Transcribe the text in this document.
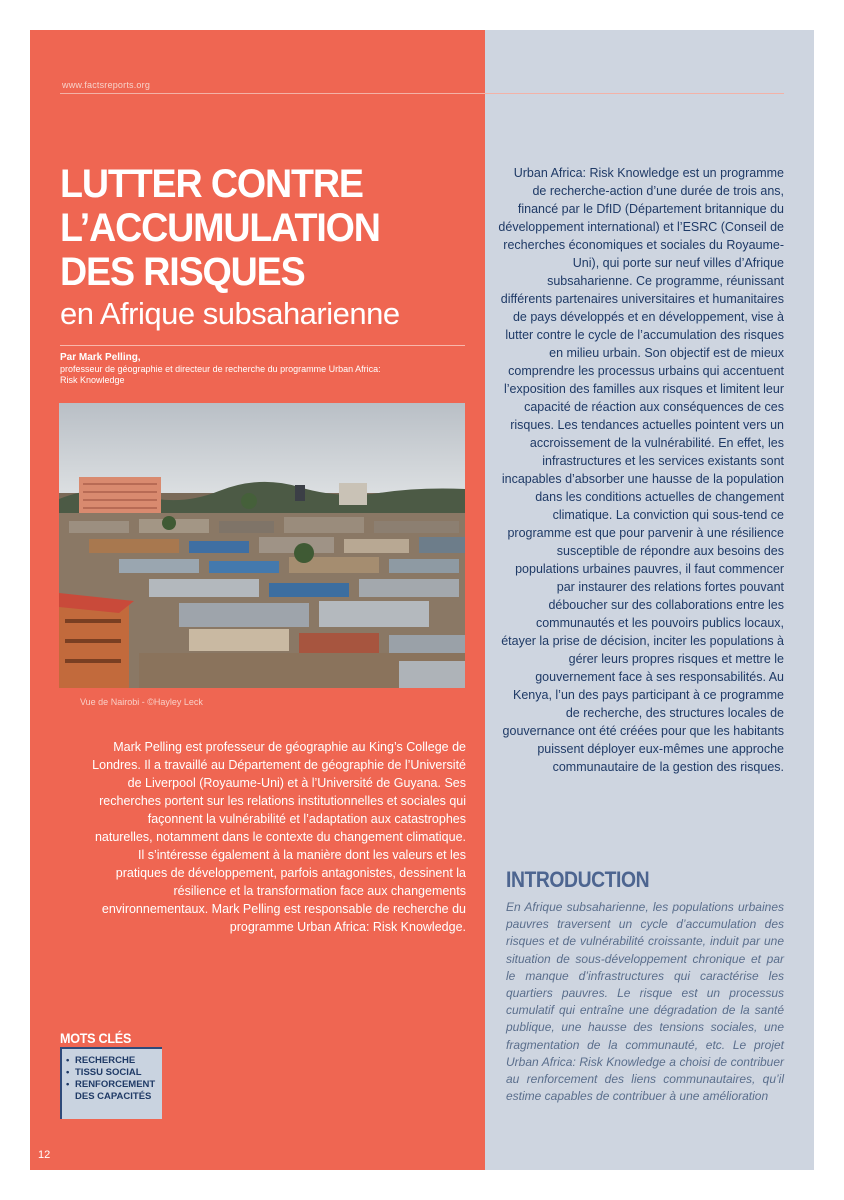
www.factsreports.org
LUTTER CONTRE
L’ACCUMULATION
DES RISQUES
en Afrique subsaharienne
Par Mark Pelling,
professeur de géographie et directeur de recherche du programme Urban Africa: Risk Knowledge
Vue de Nairobi - ©Hayley Leck

Mark Pelling est professeur de géographie au King’s College de Londres. Il a travaillé au Département de géographie de l’Université de Liverpool (Royaume-Uni) et à l’Université de Guyana. Ses recherches portent sur les relations institutionnelles et sociales qui façonnent la vulnérabilité et l’adaptation aux catastrophes naturelles, notamment dans le contexte du changement climatique. Il s’intéresse également à la manière dont les valeurs et les pratiques de développement, parfois antagonistes, dessinent la résilience et la transformation face aux changements environnementaux. Mark Pelling est responsable de recherche du programme Urban Africa: Risk Knowledge.

MOTS CLÉS
• RECHERCHE
• TISSU SOCIAL
• RENFORCEMENT
DES CAPACITÉS
12

Urban Africa: Risk Knowledge est un programme de recherche-action d’une durée de trois ans, financé par le DfID (Département britannique du développement international) et l’ESRC (Conseil de recherches économiques et sociales du Royaume-Uni), qui porte sur neuf villes d’Afrique subsaharienne. Ce programme, réunissant différents partenaires universitaires et humanitaires de pays développés et en développement, vise à lutter contre le cycle de l’accumulation des risques en milieu urbain. Son objectif est de mieux comprendre les processus urbains qui accentuent l’exposition des familles aux risques et limitent leur capacité de réaction aux conséquences de ces risques. Les tendances actuelles pointent vers un accroissement de la vulnérabilité. En effet, les infrastructures et les services existants sont incapables d’absorber une hausse de la population dans les conditions actuelles de changement climatique. La conviction qui sous-tend ce programme est que pour parvenir à une résilience susceptible de répondre aux besoins des populations urbaines pauvres, il faut commencer par instaurer des relations fortes pouvant déboucher sur des collaborations entre les communautés et les pouvoirs publics locaux, étayer la prise de décision, inciter les populations à gérer leurs propres risques et mettre le gouvernement face à ses responsabilités. Au Kenya, l’un des pays participant à ce programme de recherche, des structures locales de gouvernance ont été créées pour que les habitants puissent déployer eux-mêmes une approche communautaire de la gestion des risques.

INTRODUCTION

En Afrique subsaharienne, les populations urbaines pauvres traversent un cycle d’accumulation des risques et de vulnérabilité croissante, induit par une situation de sous-développement chronique et par le manque d’infrastructures qui caractérise les quartiers pauvres. Le risque est un processus cumulatif qui entraîne une dégradation de la santé publique, une hausse des tensions sociales, une fragmentation de la communauté, etc. Le projet Urban Africa: Risk Knowledge a choisi de contribuer au renforcement des liens communautaires, qu’il estime capables de contribuer à une amélioration
